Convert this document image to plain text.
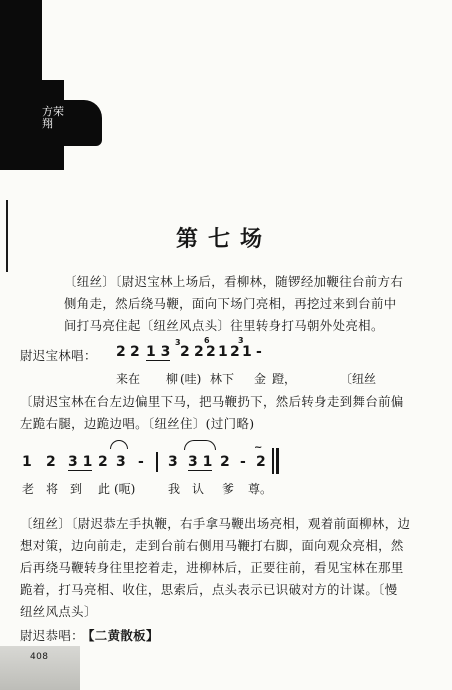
方荣翔
第七场
〔纽丝〕〔尉迟宝林上场后，看柳林，随锣经加鞭往台前方右
侧角走，然后绕马鞭，面向下场门亮相，再挖过来到台前中
间打马亮住起〔纽丝风点头〕往里转身打马朝外处亮相。
尉迟宝林唱： 2 2 1 3
3
2 2
6
2 1
3
2 1 -
来在 柳 (哇) 林下 金 蹬，	〔纽丝
〔尉迟宝林在台左边偏里下马，把马鞭扔下，然后转身走到舞台前偏
左跪右腿，边跪边唱。〔纽丝住〕(过门略)
1 2 3 1 2 3 - 3 3 1 2 -
~
2
老 将 到 此 (呃)	我 认 爹 尊。
〔纽丝〕〔尉迟恭左手执鞭，右手拿马鞭出场亮相，观着前面柳林，边
想对策，边向前走，走到台前右侧用马鞭打右脚，面向观众亮相，然
后再绕马鞭转身往里挖着走，进柳林后，正要往前，看见宝林在那里
跪着，打马亮相、收住，思索后，点头表示已识破对方的计谋。〔慢
纽丝风点头〕
尉迟恭唱：
【二黄散板】
408
